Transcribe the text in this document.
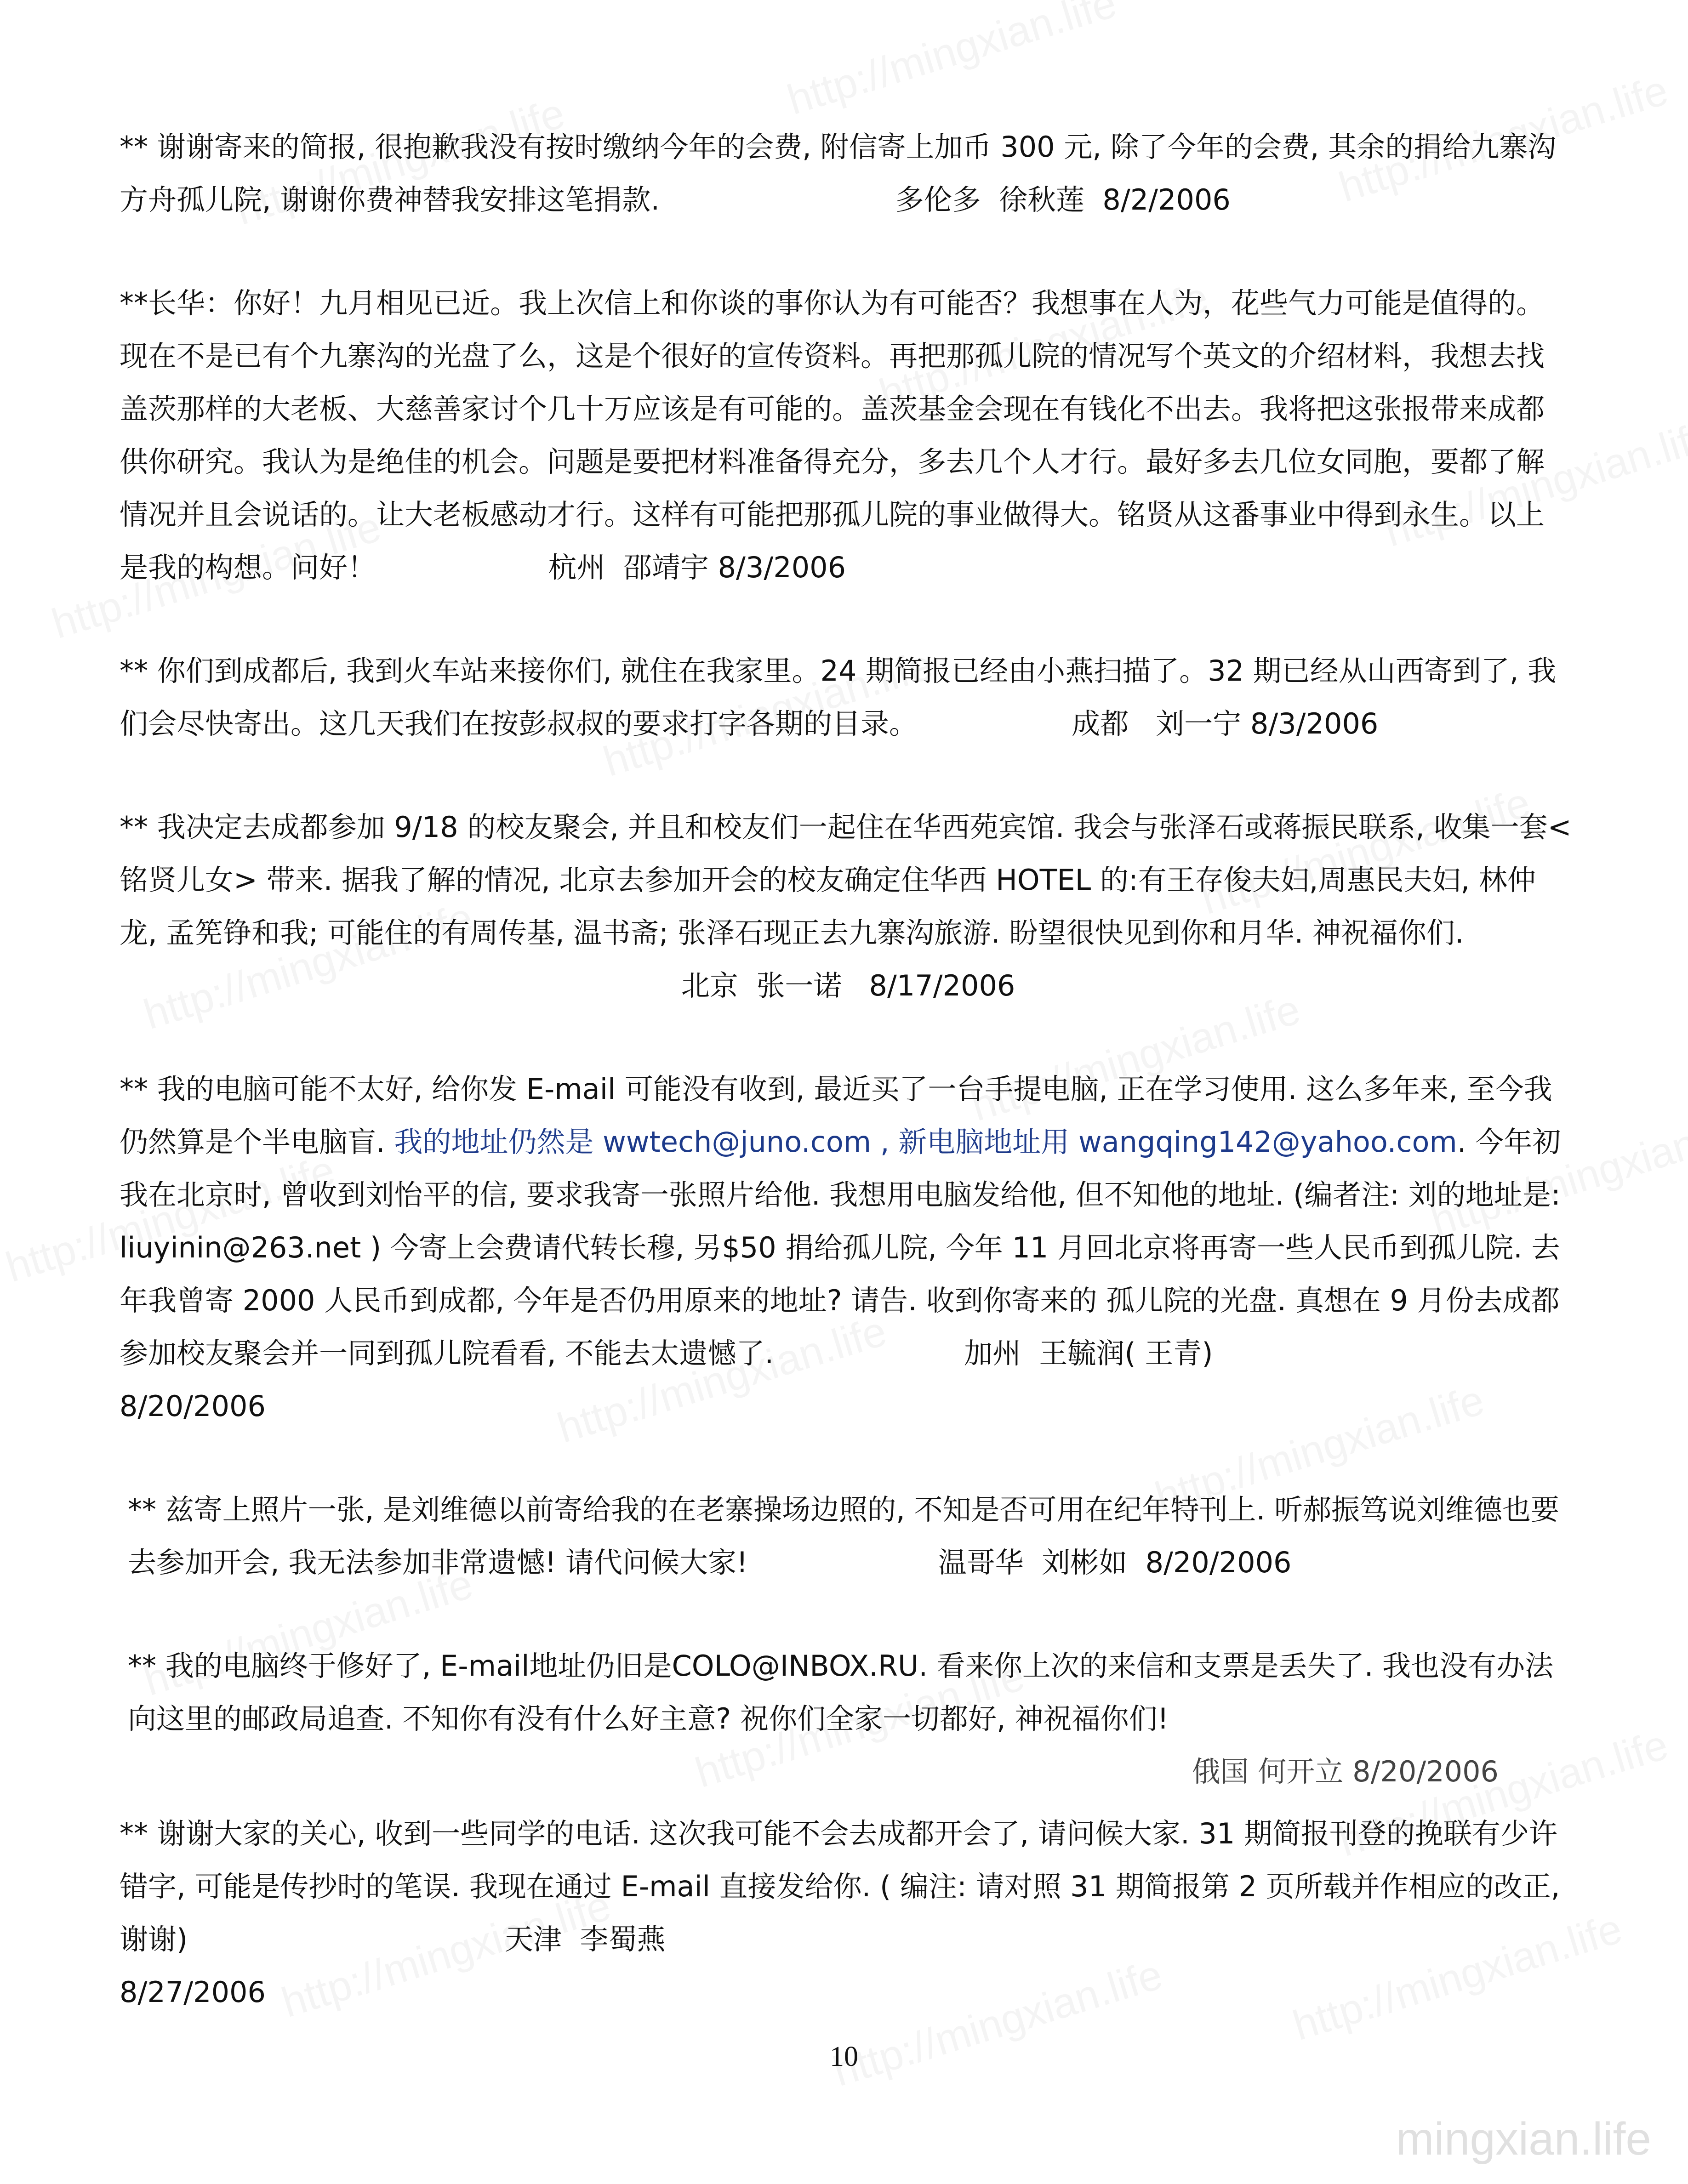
mingxian.life

** 谢谢寄来的简报, 很抱歉我没有按时缴纳今年的会费, 附信寄上加币 300 元, 除了今年的会费, 其余的捐给九寨沟方舟孤儿院, 谢谢你费神替我安排这笔捐款.	多伦多  徐秋莲  8/2/2006

**长华：你好！九月相见已近。我上次信上和你谈的事你认为有可能否？我想事在人为，花些气力可能是值得的。现在不是已有个九寨沟的光盘了么，这是个很好的宣传资料。再把那孤儿院的情况写个英文的介绍材料，我想去找盖茨那样的大老板、大慈善家讨个几十万应该是有可能的。盖茨基金会现在有钱化不出去。我将把这张报带来成都供你研究。我认为是绝佳的机会。问题是要把材料准备得充分，多去几个人才行。最好多去几位女同胞，要都了解情况并且会说话的。让大老板感动才行。这样有可能把那孤儿院的事业做得大。铭贤从这番事业中得到永生。以上是我的构想。问好！	杭州  邵靖宇 8/3/2006

** 你们到成都后, 我到火车站来接你们, 就住在我家里。24 期简报已经由小燕扫描了。32 期已经从山西寄到了, 我们会尽快寄出。这几天我们在按彭叔叔的要求打字各期的目录。	成都   刘一宁 8/3/2006

** 我决定去成都参加 9/18 的校友聚会, 并且和校友们一起住在华西苑宾馆. 我会与张泽石或蒋振民联系, 收集一套<铭贤儿女> 带来. 据我了解的情况, 北京去参加开会的校友确定住华西 HOTEL 的:有王存俊夫妇,周惠民夫妇, 林仲龙, 孟筅铮和我; 可能住的有周传基, 温书斋; 张泽石现正去九寨沟旅游. 盼望很快见到你和月华. 神祝福你们.                                                               北京  张一诺   8/17/2006

** 我的电脑可能不太好, 给你发 E-mail 可能没有收到, 最近买了一台手提电脑, 正在学习使用. 这么多年来, 至今我仍然算是个半电脑盲. 我的地址仍然是 wwtech@juno.com , 新电脑地址用 wangqing142@yahoo.com. 今年初我在北京时, 曾收到刘怡平的信, 要求我寄一张照片给他. 我想用电脑发给他, 但不知他的地址. (编者注: 刘的地址是: liuyinin@263.net ) 今寄上会费请代转长穆, 另$50 捐给孤儿院, 今年 11 月回北京将再寄一些人民币到孤儿院. 去年我曾寄 2000 人民币到成都, 今年是否仍用原来的地址? 请告. 收到你寄来的 孤儿院的光盘. 真想在 9 月份去成都参加校友聚会并一同到孤儿院看看, 不能去太遗憾了.	加州  王毓润( 王青)
8/20/2006

** 兹寄上照片一张, 是刘维德以前寄给我的在老寨操场边照的, 不知是否可用在纪年特刊上. 听郝振笃说刘维德也要去参加开会, 我无法参加非常遗憾! 请代问候大家!	温哥华  刘彬如  8/20/2006

** 我的电脑终于修好了, E-mail地址仍旧是COLO@INBOX.RU. 看来你上次的来信和支票是丢失了. 我也没有办法向这里的邮政局追查. 不知你有没有什么好主意? 祝你们全家一切都好, 神祝福你们!
俄国 何开立 8/20/2006

** 谢谢大家的关心, 收到一些同学的电话. 这次我可能不会去成都开会了, 请问候大家. 31 期简报刊登的挽联有少许错字, 可能是传抄时的笔误. 我现在通过 E-mail 直接发给你. ( 编注: 请对照 31 期简报第 2 页所载并作相应的改正, 谢谢)	天津  李蜀燕
8/27/2006

10
